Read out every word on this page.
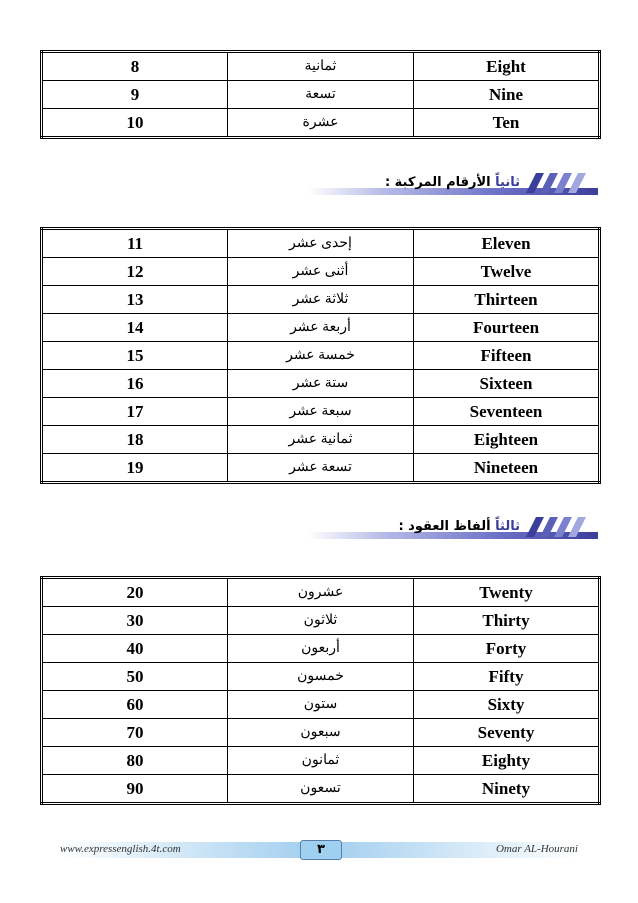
8	ثمانية	Eight
9	تسعة	Nine
10	عشرة	Ten
ثانياً الأرقام المركبة :
11	إحدى عشر	Eleven
12	أثنى عشر	Twelve
13	ثلاثة عشر	Thirteen
14	أربعة عشر	Fourteen
15	خمسة عشر	Fifteen
16	ستة عشر	Sixteen
17	سبعة عشر	Seventeen
18	ثمانية عشر	Eighteen
19	تسعة عشر	Nineteen
ثالثاً ألفاظ العقود :
20	عشرون	Twenty
30	ثلاثون	Thirty
40	أربعون	Forty
50	خمسون	Fifty
60	ستون	Sixty
70	سبعون	Seventy
80	ثمانون	Eighty
90	تسعون	Ninety
www.expressenglish.4t.com	٣	Omar AL-Hourani
